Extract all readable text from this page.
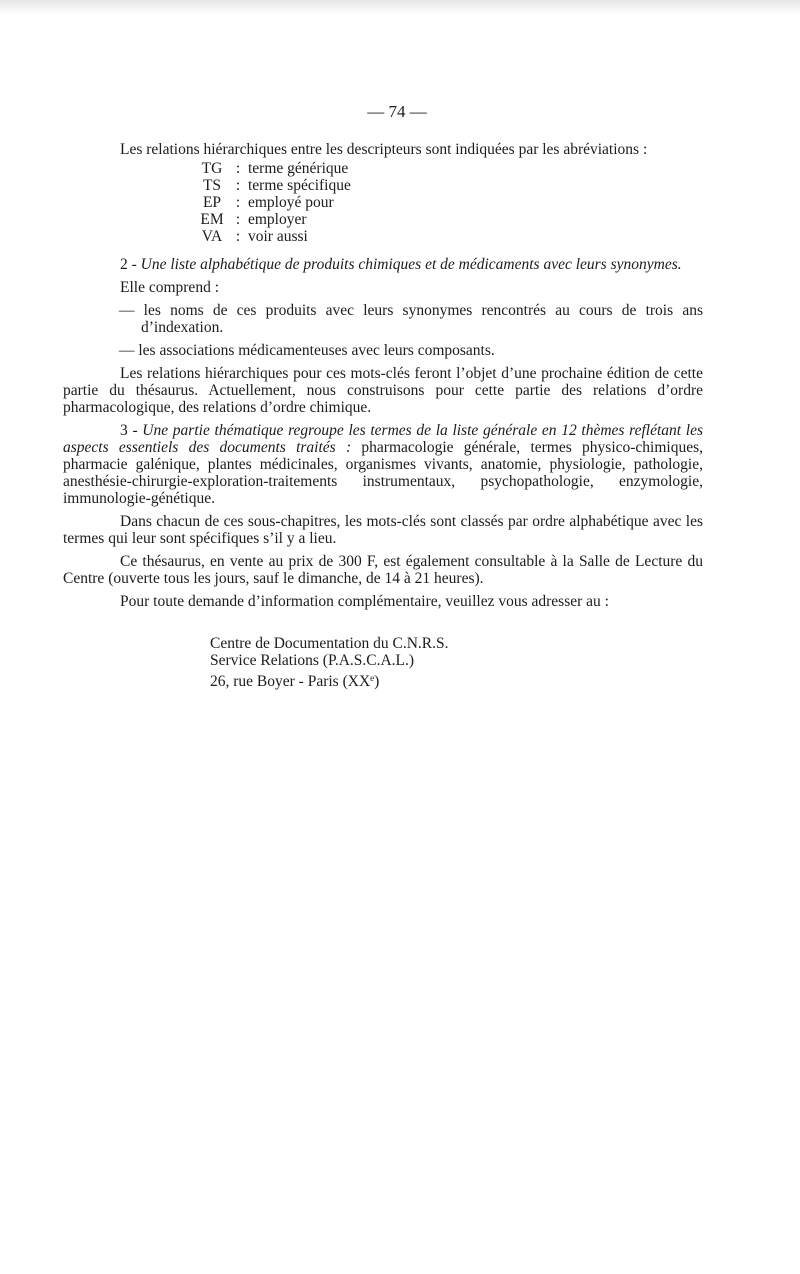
— 74 —

Les relations hiérarchiques entre les descripteurs sont indiquées par les abréviations :

TG	:	terme générique
TS	:	terme spécifique
EP	:	employé pour
EM	:	employer
VA	:	voir aussi

2 - Une liste alphabétique de produits chimiques et de médicaments avec leurs synonymes.

Elle comprend :

— les noms de ces produits avec leurs synonymes rencontrés au cours de trois ans d’indexation.

— les associations médicamenteuses avec leurs composants.

Les relations hiérarchiques pour ces mots-clés feront l’objet d’une prochaine édition de cette partie du thésaurus. Actuellement, nous construisons pour cette partie des relations d’ordre pharmacologique, des relations d’ordre chimique.

3 - Une partie thématique regroupe les termes de la liste générale en 12 thèmes reflétant les aspects essentiels des documents traités : pharmacologie générale, termes physico-chimiques, pharmacie galénique, plantes médicinales, organismes vivants, anatomie, physiologie, pathologie, anesthésie-chirurgie-exploration-traitements instrumentaux, psychopathologie, enzymologie, immunologie-génétique.

Dans chacun de ces sous-chapitres, les mots-clés sont classés par ordre alphabétique avec les termes qui leur sont spécifiques s’il y a lieu.

Ce thésaurus, en vente au prix de 300 F, est également consultable à la Salle de Lecture du Centre (ouverte tous les jours, sauf le dimanche, de 14 à 21 heures).

Pour toute demande d’information complémentaire, veuillez vous adresser au :

Centre de Documentation du C.N.R.S.
Service Relations (P.A.S.C.A.L.)
26, rue Boyer - Paris (XXe)
